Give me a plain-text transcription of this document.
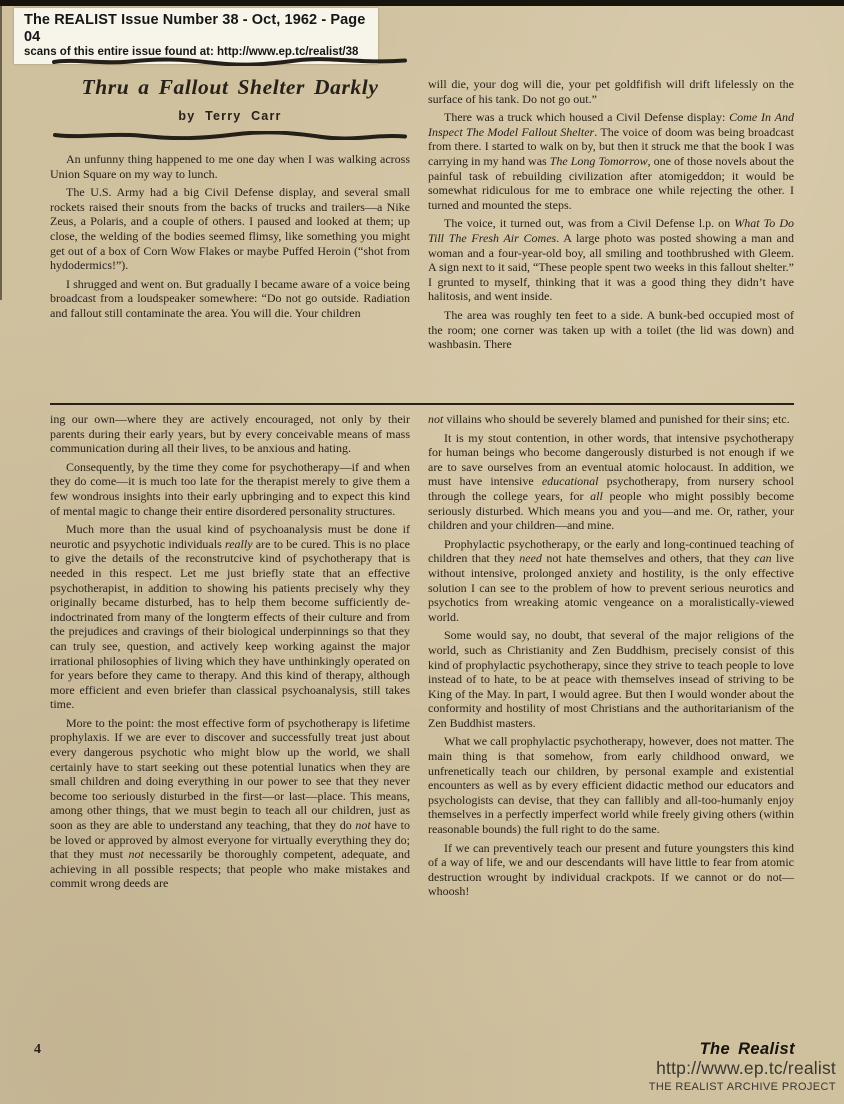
The REALIST Issue Number 38 - Oct, 1962 - Page 04
scans of this entire issue found at: http://www.ep.tc/realist/38
Thru a Fallout Shelter Darkly
by Terry Carr

An unfunny thing happened to me one day when I was walking across Union Square on my way to lunch.

The U.S. Army had a big Civil Defense display, and several small rockets raised their snouts from the backs of trucks and trailers—a Nike Zeus, a Polaris, and a couple of others. I paused and looked at them; up close, the welding of the bodies seemed flimsy, like something you might get out of a box of Corn Wow Flakes or maybe Puffed Heroin (“shot from hydodermics!”).

I shrugged and went on. But gradually I became aware of a voice being broadcast from a loudspeaker somewhere: “Do not go outside. Radiation and fallout still contaminate the area. You will die. Your children

will die, your dog will die, your pet goldfifish will drift lifelessly on the surface of his tank. Do not go out.”

There was a truck which housed a Civil Defense display: Come In And Inspect The Model Fallout Shelter. The voice of doom was being broadcast from there. I started to walk on by, but then it struck me that the book I was carrying in my hand was The Long Tomorrow, one of those novels about the painful task of rebuilding civilization after atomigeddon; it would be somewhat ridiculous for me to embrace one while rejecting the other. I turned and mounted the steps.

The voice, it turned out, was from a Civil Defense l.p. on What To Do Till The Fresh Air Comes. A large photo was posted showing a man and woman and a four-year-old boy, all smiling and toothbrushed with Gleem. A sign next to it said, “These people spent two weeks in this fallout shelter.” I grunted to myself, thinking that it was a good thing they didn’t have halitosis, and went inside.

The area was roughly ten feet to a side. A bunk-bed occupied most of the room; one corner was taken up with a toilet (the lid was down) and washbasin. There

ing our own—where they are actively encouraged, not only by their parents during their early years, but by every conceivable means of mass communication during all their lives, to be anxious and hating.

Consequently, by the time they come for psychotherapy—if and when they do come—it is much too late for the therapist merely to give them a few wondrous insights into their early upbringing and to expect this kind of mental magic to change their entire disordered personality structures.

Much more than the usual kind of psychoanalysis must be done if neurotic and psyychotic individuals really are to be cured. This is no place to give the details of the reconstrutcive kind of psychotherapy that is needed in this respect. Let me just briefly state that an effective psychotherapist, in addition to showing his patients precisely why they originally became disturbed, has to help them become sufficiently de-indoctrinated from many of the longterm effects of their culture and from the prejudices and cravings of their biological underpinnings so that they can truly see, question, and actively keep working against the major irrational philosophies of living which they have unthinkingly operated on for years before they came to therapy. And this kind of therapy, although more efficient and even briefer than classical psychoanalysis, still takes time.

More to the point: the most effective form of psychotherapy is lifetime prophylaxis. If we are ever to discover and successfully treat just about every dangerous psychotic who might blow up the world, we shall certainly have to start seeking out these potential lunatics when they are small children and doing everything in our power to see that they never become too seriously disturbed in the first—or last—place. This means, among other things, that we must begin to teach all our children, just as soon as they are able to understand any teaching, that they do not have to be loved or approved by almost everyone for virtually everything they do; that they must not necessarily be thoroughly competent, adequate, and achieving in all possible respects; that people who make mistakes and commit wrong deeds are

not villains who should be severely blamed and punished for their sins; etc.

It is my stout contention, in other words, that intensive psychotherapy for human beings who become dangerously disturbed is not enough if we are to save ourselves from an eventual atomic holocaust. In addition, we must have intensive educational psychotherapy, from nursery school through the college years, for all people who might possibly become seriously disturbed. Which means you and you—and me. Or, rather, your children and your children—and mine.

Prophylactic psychotherapy, or the early and long-continued teaching of children that they need not hate themselves and others, that they can live without intensive, prolonged anxiety and hostility, is the only effective solution I can see to the problem of how to prevent serious neurotics and psychotics from wreaking atomic vengeance on a moralistically-viewed world.

Some would say, no doubt, that several of the major religions of the world, such as Christianity and Zen Buddhism, precisely consist of this kind of prophylactic psychotherapy, since they strive to teach people to love instead of to hate, to be at peace with themselves insead of striving to be King of the May. In part, I would agree. But then I would wonder about the conformity and hostility of most Christians and the authoritarianism of the Zen Buddhist masters.

What we call prophylactic psychotherapy, however, does not matter. The main thing is that somehow, from early childhood onward, we unfrenetically teach our children, by personal example and existential encounters as well as by every efficient didactic method our educators and psychologists can devise, that they can fallibly and all-too-humanly enjoy themselves in a perfectly imperfect world while freely giving others (within reasonable bounds) the full right to do the same.

If we can preventively teach our present and future youngsters this kind of a way of life, we and our descendants will have little to fear from atomic destruction wrought by individual crackpots. If we cannot or do not—whoosh!

4	The Realist
http://www.ep.tc/realist
THE REALIST ARCHIVE PROJECT
